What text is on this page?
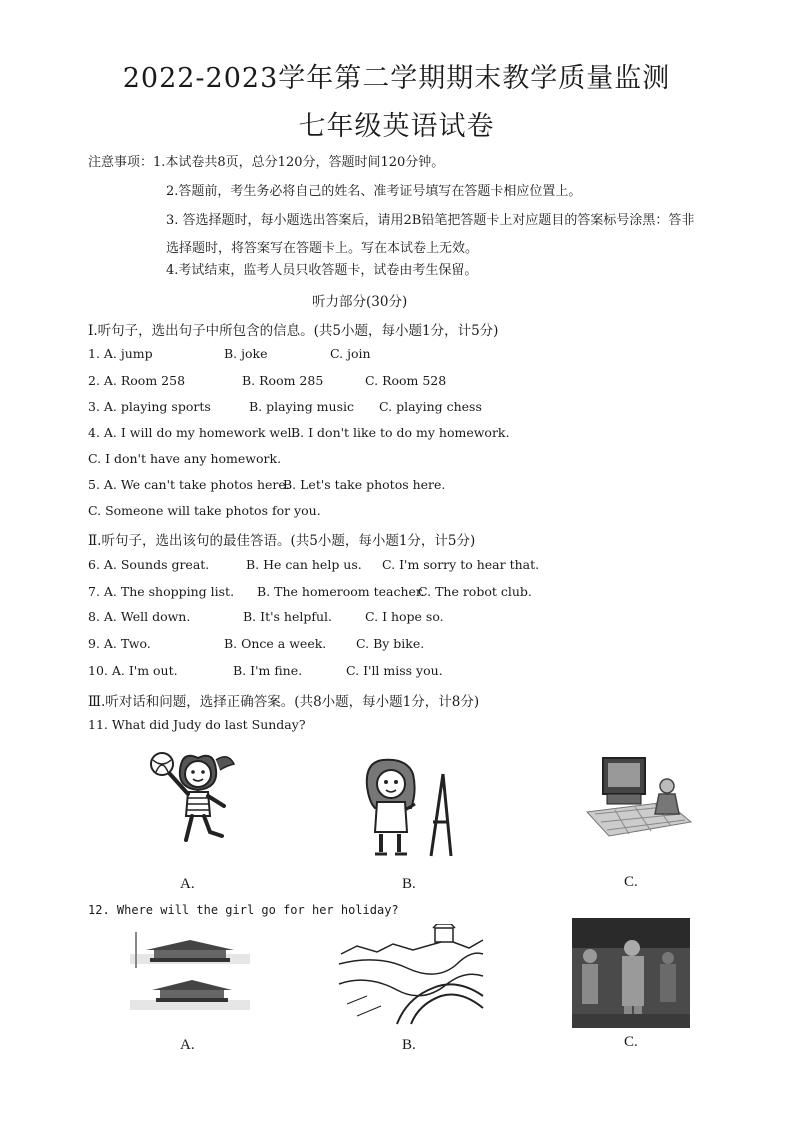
2022-2023学年第二学期期末教学质量监测
七年级英语试卷
注意事项：1.本试卷共8页，总分120分，答题时间120分钟。
2.答题前，考生务必将自己的姓名、准考证号填写在答题卡相应位置上。
3. 答选择题时，每小题选出答案后，请用2B铅笔把答题卡上对应题目的答案标号涂黑：答非
选择题时，将答案写在答题卡上。写在本试卷上无效。
4.考试结束，监考人员只收答题卡，试卷由考生保留。
听力部分(30分)
Ⅰ.听句子，选出句子中所包含的信息。(共5小题，每小题1分，计5分)
1. A. jump	B. joke	C. join
2. A. Room 258	B. Room 285	C. Room 528
3. A. playing sports	B. playing music C. playing chess
4. A. I will do my homework well.
B. I don't like to do my homework.
C. I don't have any homework.
5. A. We can't take photos here.
B. Let's take photos here.
C. Someone will take photos for you.
Ⅱ.听句子，选出该句的最佳答语。(共5小题，每小题1分，计5分)
6. A. Sounds great.	B. He can help us. C. I'm sorry to hear that.
7. A. The shopping list. B. The homeroom teacher.
C. The robot club.
8. A. Well down.	B. It's helpful.	C. I hope so.
9. A. Two.	B. Once a week. C. By bike.
10. A. I'm out.	B. I'm fine.	C. I'll miss you.
Ⅲ.听对话和问题，选择正确答案。(共8小题，每小题1分，计8分)
11. What did Judy do last Sunday?
A.	B.	C.
12. Where will the girl go for her holiday?
A.	B.	C.
